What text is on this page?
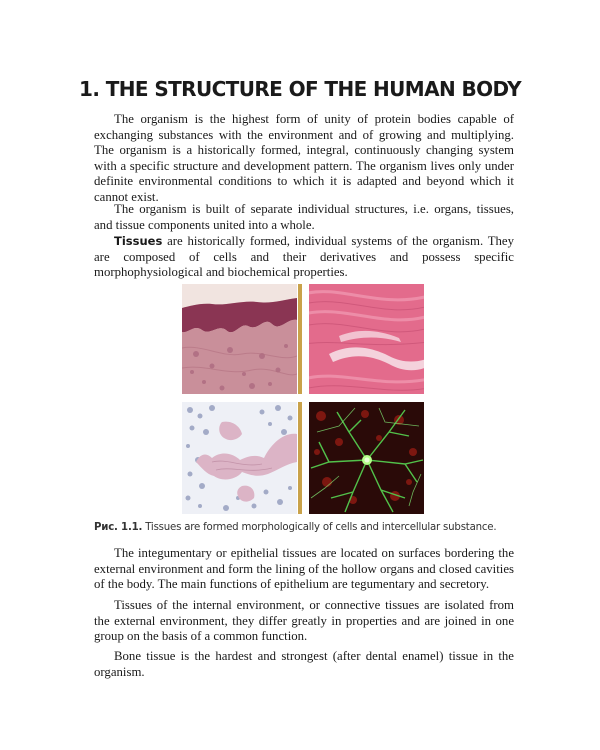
1. THE STRUCTURE OF THE HUMAN BODY

The organism is the highest form of unity of protein bodies capable of exchanging substances with the environment and of growing and multiplying. The organism is a historically formed, integral, continuously changing system with a specific structure and development pattern. The organism lives only under definite environmental conditions to which it is adapted and beyond which it cannot exist.

The organism is built of separate individual structures, i.e. organs, tissues, and tissue components united into a whole.

Tissues are historically formed, individual systems of the organism. They are composed of cells and their derivatives and possess specific morphophysiological and biochemical properties.

Рис. 1.1. Tissues are formed morphologically of cells and intercellular substance.

The integumentary or epithelial tissues are located on surfaces bordering the external environment and form the lining of the hollow organs and closed cavities of the body. The main functions of epithelium are tegumentary and secretory.

Tissues of the internal environment, or connective tissues are isolated from the external environment, they differ greatly in properties and are joined in one group on the basis of a common function.

Bone tissue is the hardest and strongest (after dental enamel) tissue in the organism.
